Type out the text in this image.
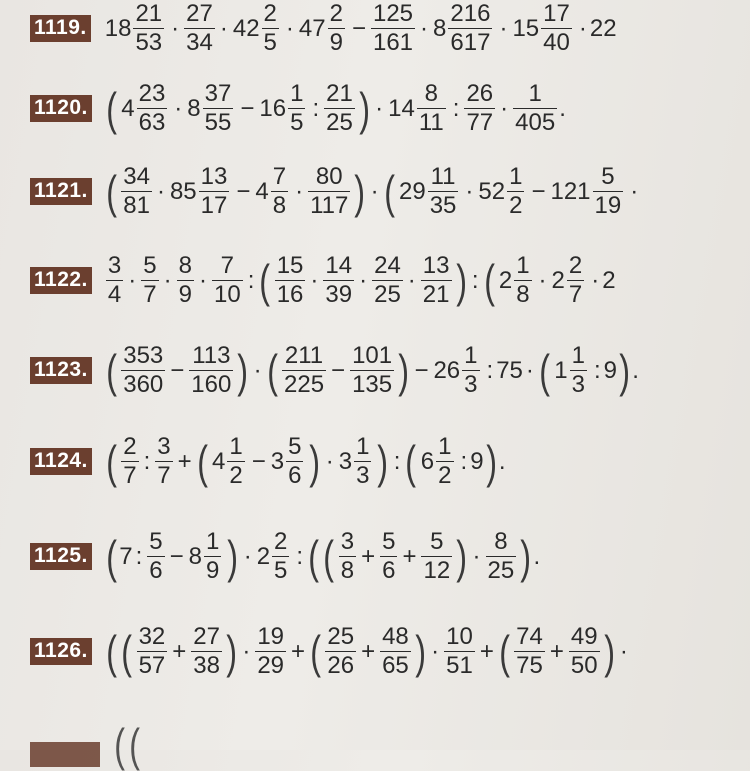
1119. $18 \frac{21}{53} \cdot \frac{27}{34} \cdot 42 \frac{2}{5} \cdot 47 \frac{2}{9} - \frac{125}{161} \cdot 8 \frac{216}{617} \cdot 15 \frac{17}{40} \cdot 22$
1120. ( $4 \frac{23}{63} \cdot 8 \frac{37}{55} - 16 \frac{1}{5}$ : $\frac{21}{25}$ ) · $14 \frac{8}{11}$ : $\frac{26}{77} \cdot \frac{1}{405}$ .
1121. ( $\frac{34}{81} \cdot 85 \frac{13}{17} - 4 \frac{7}{8} \cdot \frac{80}{117}$ ) · ( $29 \frac{11}{35} \cdot 52 \frac{1}{2} - 121 \frac{5}{19}$ ·
1122. $\frac{3}{4} \cdot \frac{5}{7} \cdot \frac{8}{9} \cdot \frac{7}{10}$ : ( $\frac{15}{16} \cdot \frac{14}{39} \cdot \frac{24}{25} \cdot \frac{13}{21}$ ) : ( $2 \frac{1}{8} \cdot 2 \frac{2}{7} \cdot 2$
1123. ( $\frac{353}{360} - \frac{113}{160}$ ) · ( $\frac{211}{225} - \frac{101}{135}$ ) − $26 \frac{1}{3}$ : 75 · ( $1 \frac{1}{3}$ : 9 ) .
1124. ( $\frac{2}{7}$ : $\frac{3}{7}$ + ( $4 \frac{1}{2} - 3 \frac{5}{6}$ ) · $3 \frac{1}{3}$ ) : ( $6 \frac{1}{2}$ : 9 ) .
1125. ( 7 : $\frac{5}{6} - 8 \frac{1}{9}$ ) · $2 \frac{2}{5}$ : ( ( $\frac{3}{8} + \frac{5}{6} + \frac{5}{12}$ ) · $\frac{8}{25}$ ) .
1126. ( ( $\frac{32}{57} + \frac{27}{38}$ ) · $\frac{19}{29}$ + ( $\frac{25}{26} + \frac{48}{65}$ ) · $\frac{10}{51}$ + ( $\frac{74}{75} + \frac{49}{50}$ ) ·
( (
